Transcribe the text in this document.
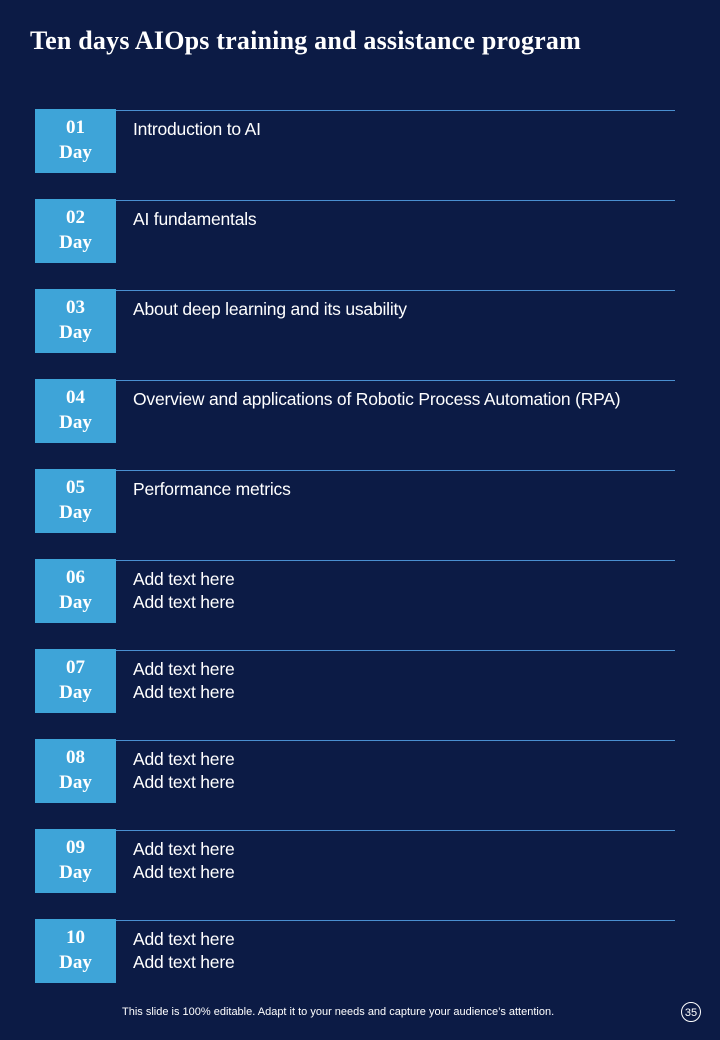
Ten days AIOps training and assistance program
01
Day
Introduction to AI
02
Day
AI fundamentals
03
Day
About deep learning and its usability
04
Day
Overview and applications of Robotic Process Automation (RPA)
05
Day
Performance metrics
06
Day
Add text here
Add text here
07
Day
Add text here
Add text here
08
Day
Add text here
Add text here
09
Day
Add text here
Add text here
10
Day
Add text here
Add text here
This slide is 100% editable. Adapt it to your needs and capture your audience’s attention.	35
